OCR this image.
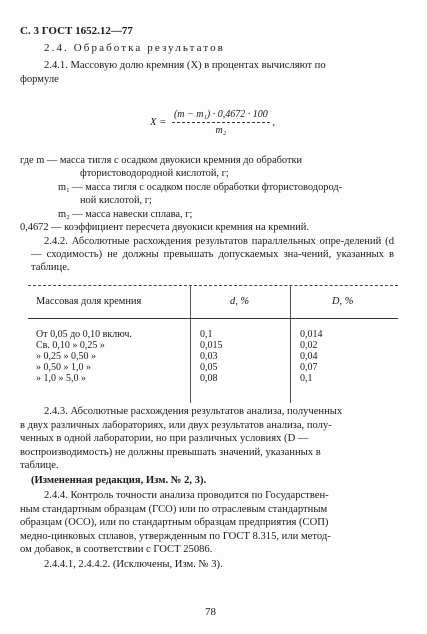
С. 3 ГОСТ 1652.12—77
2.4. Обработка результатов
2.4.1. Массовую долю кремния (X) в процентах вычисляют по
формуле
$X = \frac{\text{(m − m₁) · 0,4672 · 100}}{\text{m₂}}$ ,
где m — масса тигля с осадком двуокиси кремния до обработки
фтористоводородной кислотой, г;
m₁ — масса тигля с осадком после обработки фтористоводород-
ной кислотой, г;
m₂ — масса навески сплава, г;
0,4672 — коэффициент пересчета двуокиси кремния на кремний.
2.4.2. Абсолютные расхождения результатов параллельных опре-делений (d — сходимость) не должны превышать допускаемых зна-чений, указанных в таблице.
Массовая доля кремния	d, %	D, %
От 0,05 до 0,10 включ.	0,1	0,014
Св. 0,10 » 0,25 »	0,015	0,02
» 0,25 » 0,50 »	0,03	0,04
» 0,50 » 1,0 »	0,05	0,07
» 1,0 » 5,0 »	0,08	0,1
2.4.3. Абсолютные расхождения результатов анализа, полученных
в двух различных лабораториях, или двух результатов анализа, полу-
ченных в одной лаборатории, но при различных условиях (D —
воспроизводимость) не должны превышать значений, указанных в
таблице.
(Измененная редакция, Изм. № 2, 3).
2.4.4. Контроль точности анализа проводится по Государствен-
ным стандартным образцам (ГСО) или по отраслевым стандартным
образцам (ОСО), или по стандартным образцам предприятия (СОП)
медно-цинковых сплавов, утвержденным по ГОСТ 8.315, или метод-
ом добавок, в соответствии с ГОСТ 25086.
2.4.4.1, 2.4.4.2. (Исключены, Изм. № 3).
78
